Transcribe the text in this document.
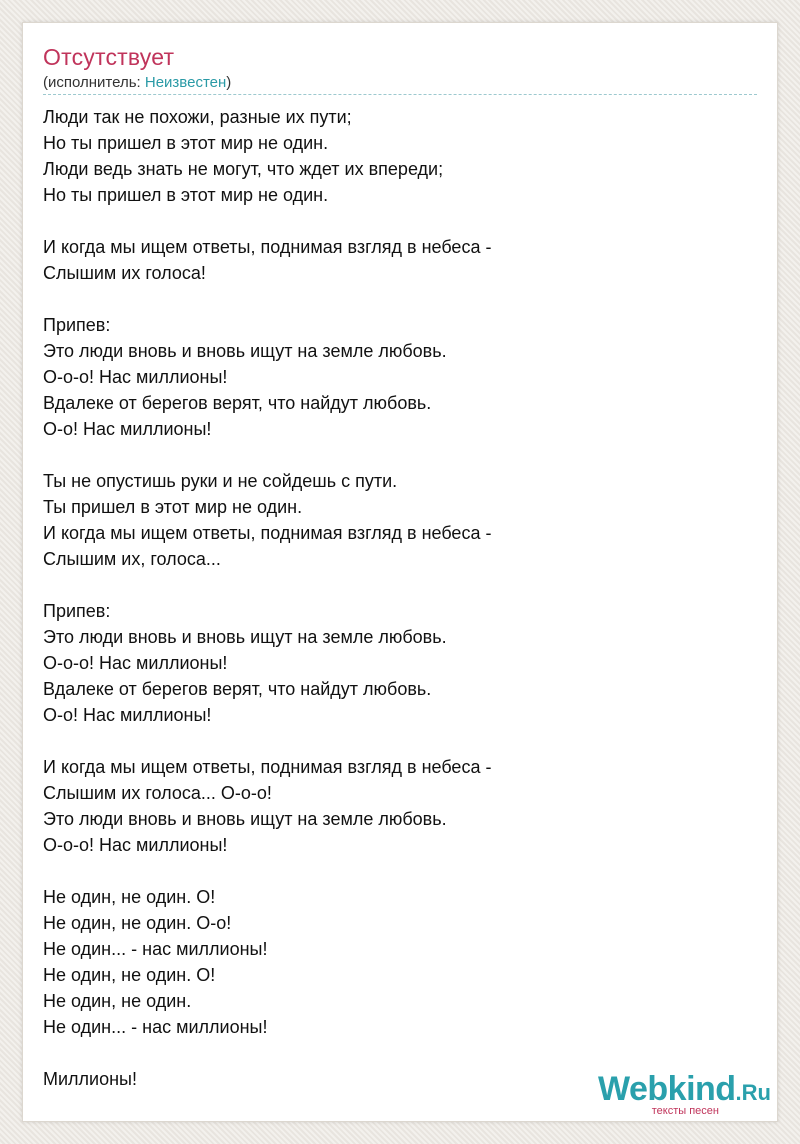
Отсутствует
(исполнитель: Неизвестен)
Люди так не похожи, разные их пути;
Но ты пришел в этот мир не один.
Люди ведь знать не могут, что ждет их впереди;
Но ты пришел в этот мир не один.
И когда мы ищем ответы, поднимая взгляд в небеса -
Слышим их голоса!
Припев:
Это люди вновь и вновь ищут на земле любовь.
О-о-о! Нас миллионы!
Вдалеке от берегов верят, что найдут любовь.
О-о! Нас миллионы!
Ты не опустишь руки и не сойдешь с пути.
Ты пришел в этот мир не один.
И когда мы ищем ответы, поднимая взгляд в небеса -
Слышим их, голоса...
Припев:
Это люди вновь и вновь ищут на земле любовь.
О-о-о! Нас миллионы!
Вдалеке от берегов верят, что найдут любовь.
О-о! Нас миллионы!
И когда мы ищем ответы, поднимая взгляд в небеса -
Слышим их голоса... О-о-о!
Это люди вновь и вновь ищут на земле любовь.
О-о-о! Нас миллионы!
Не один, не один. О!
Не один, не один. О-о!
Не один... - нас миллионы!
Не один, не один. О!
Не один, не один.
Не один... - нас миллионы!
Миллионы!	Webkind.Ru
тексты песен
